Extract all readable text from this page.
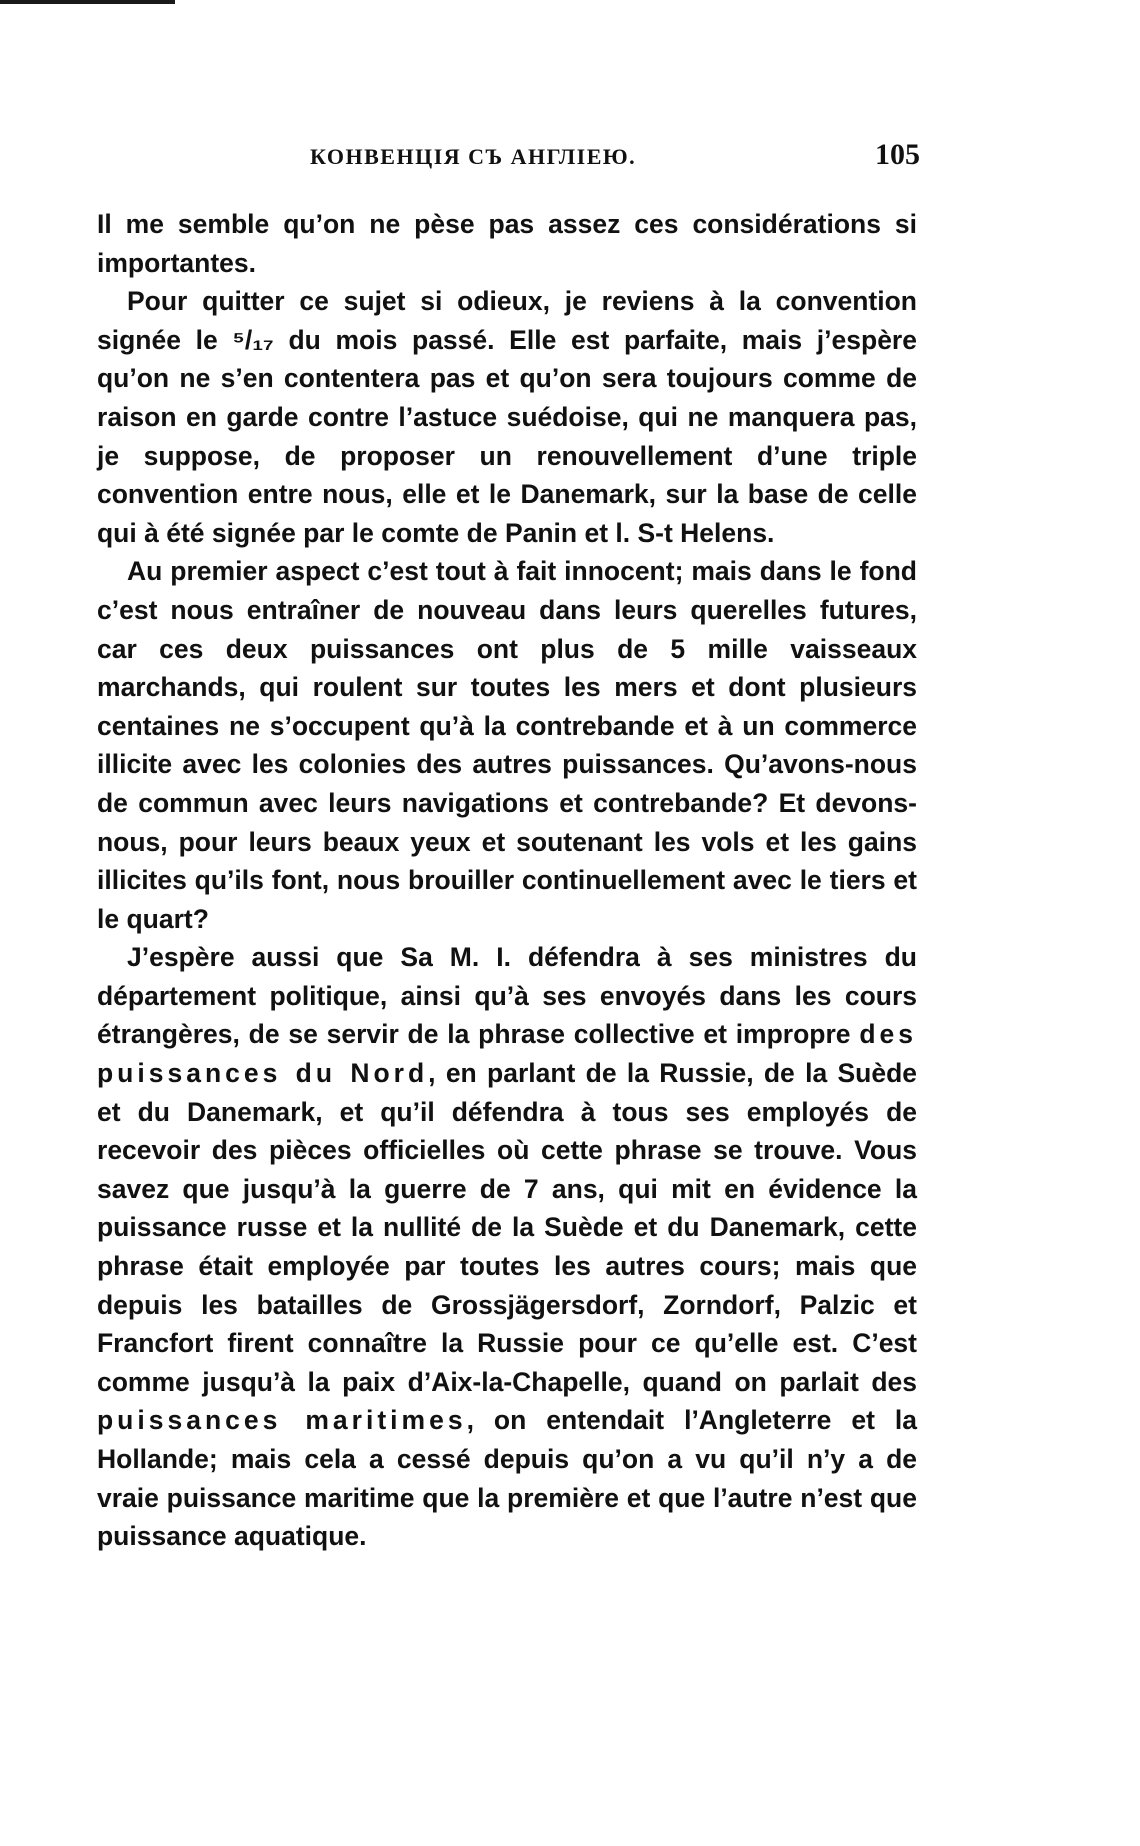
КОНВЕНЦІЯ СЪ АНГЛІЕЮ.	105

Il me semble qu’on ne pèse pas assez ces considérations si importantes.

Pour quitter ce sujet si odieux, je reviens à la convention signée le ⁵/₁₇ du mois passé. Elle est parfaite, mais j’espère qu’on ne s’en contentera pas et qu’on sera toujours comme de raison en garde contre l’astuce suédoise, qui ne manquera pas, je suppose, de proposer un renouvellement d’une triple convention entre nous, elle et le Danemark, sur la base de celle qui à été signée par le comte de Panin et l. S-t Helens.

Au premier aspect c’est tout à fait innocent; mais dans le fond c’est nous entraîner de nouveau dans leurs querelles futures, car ces deux puissances ont plus de 5 mille vaisseaux marchands, qui roulent sur toutes les mers et dont plusieurs centaines ne s’occupent qu’à la contrebande et à un commerce illicite avec les colonies des autres puissances. Qu’avons-nous de commun avec leurs navigations et contrebande? Et devons-nous, pour leurs beaux yeux et soutenant les vols et les gains illicites qu’ils font, nous brouiller continuellement avec le tiers et le quart?

J’espère aussi que Sa M. I. défendra à ses ministres du département politique, ainsi qu’à ses envoyés dans les cours étrangères, de se servir de la phrase collective et impropre des puissances du Nord, en parlant de la Russie, de la Suède et du Danemark, et qu’il défendra à tous ses employés de recevoir des pièces officielles où cette phrase se trouve. Vous savez que jusqu’à la guerre de 7 ans, qui mit en évidence la puissance russe et la nullité de la Suède et du Danemark, cette phrase était employée par toutes les autres cours; mais que depuis les batailles de Grossjägersdorf, Zorndorf, Palzic et Francfort firent connaître la Russie pour ce qu’elle est. C’est comme jusqu’à la paix d’Aix-la-Chapelle, quand on parlait des puissances maritimes, on entendait l’Angleterre et la Hollande; mais cela a cessé depuis qu’on a vu qu’il n’y a de vraie puissance maritime que la première et que l’autre n’est que puissance aquatique.
